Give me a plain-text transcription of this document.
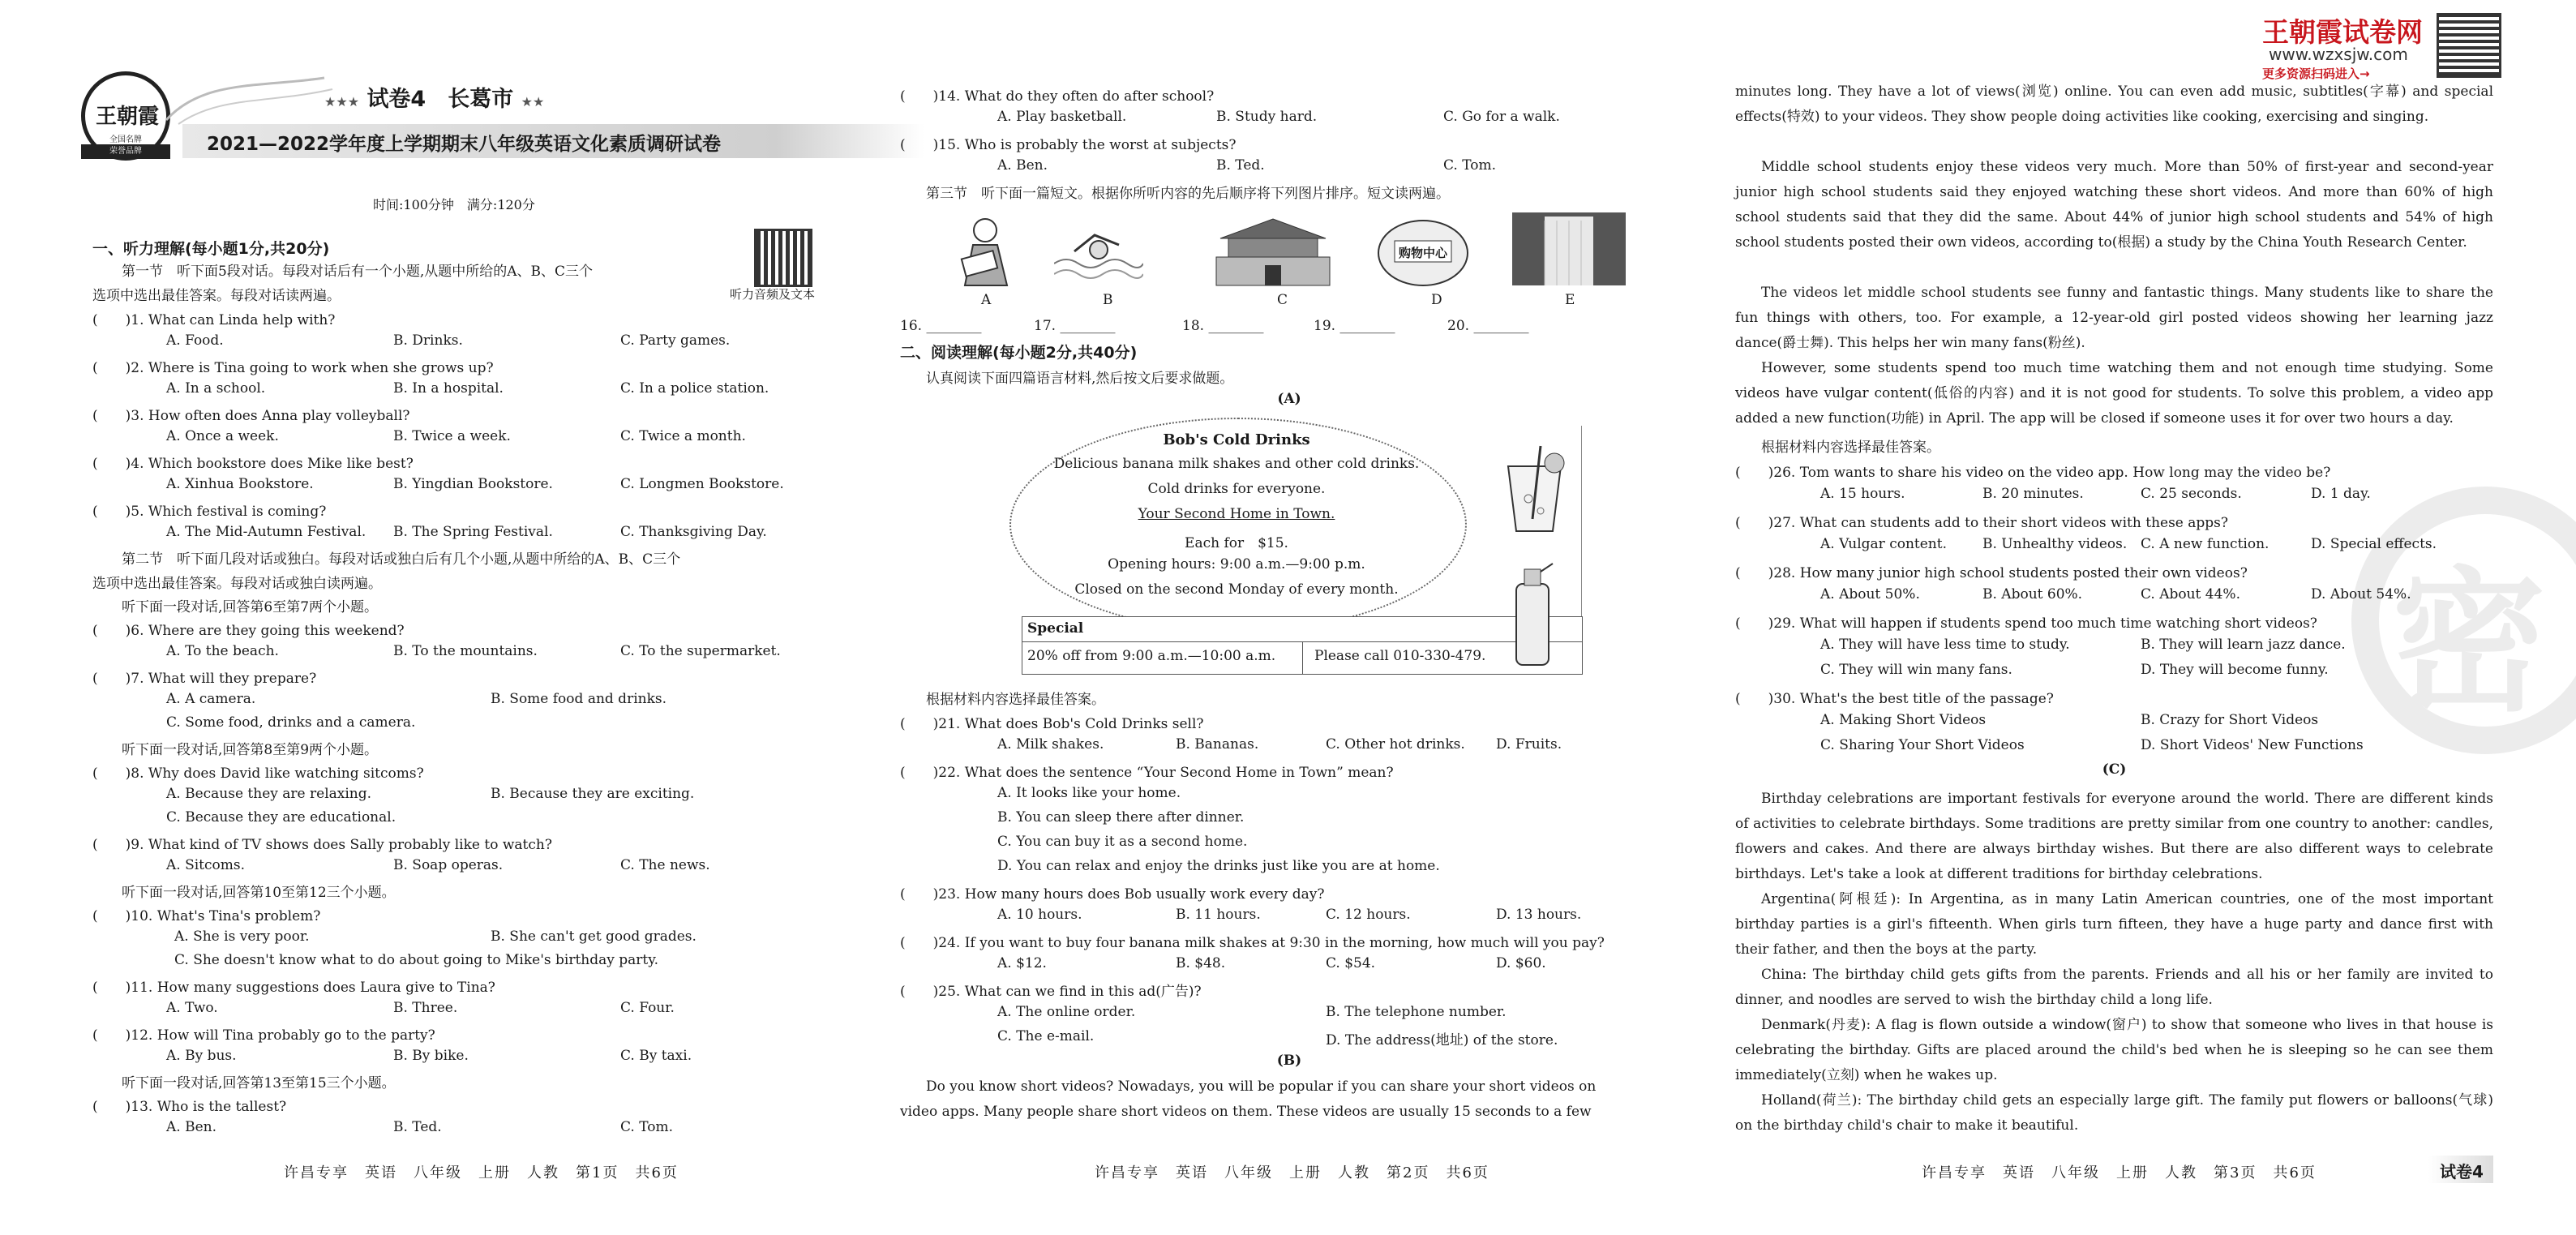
王朝霞
全国名牌
荣誉品牌
★★★ 试卷4　长葛市 ★★
2021—2022学年度上学期期末八年级英语文化素质调研试卷
时间:100分钟　满分:120分
听力音频及文本
一、听力理解(每小题1分,共20分)
第一节　听下面5段对话。每段对话后有一个小题,从题中所给的A、B、C三个
选项中选出最佳答案。每段对话读两遍。
(　　)1. What can Linda help with?
A. Food.	B. Drinks.	C. Party games.
(　　)2. Where is Tina going to work when she grows up?
A. In a school.	B. In a hospital.	C. In a police station.
(　　)3. How often does Anna play volleyball?
A. Once a week.	B. Twice a week.	C. Twice a month.
(　　)4. Which bookstore does Mike like best?
A. Xinhua Bookstore.	B. Yingdian Bookstore.	C. Longmen Bookstore.
(　　)5. Which festival is coming?
A. The Mid-Autumn Festival. B. The Spring Festival.	C. Thanksgiving Day.
第二节　听下面几段对话或独白。每段对话或独白后有几个小题,从题中所给的A、B、C三个
选项中选出最佳答案。每段对话或独白读两遍。
听下面一段对话,回答第6至第7两个小题。
(　　)6. Where are they going this weekend?
A. To the beach.	B. To the mountains.	C. To the supermarket.
(　　)7. What will they prepare?
A. A camera.	B. Some food and drinks.
C. Some food, drinks and a camera.
听下面一段对话,回答第8至第9两个小题。
(　　)8. Why does David like watching sitcoms?
A. Because they are relaxing.	B. Because they are exciting.
C. Because they are educational.
(　　)9. What kind of TV shows does Sally probably like to watch?
A. Sitcoms.	B. Soap operas.	C. The news.
听下面一段对话,回答第10至第12三个小题。
(　　)10. What's Tina's problem?
A. She is very poor.	B. She can't get good grades.
C. She doesn't know what to do about going to Mike's birthday party.
(　　)11. How many suggestions does Laura give to Tina?
A. Two.	B. Three.	C. Four.
(　　)12. How will Tina probably go to the party?
A. By bus.	B. By bike.	C. By taxi.
听下面一段对话,回答第13至第15三个小题。
(　　)13. Who is the tallest?
A. Ben.	B. Ted.	C. Tom.
许昌专享　英语　八年级　上册　人教　第1页　共6页
(　　)14. What do they often do after school?
A. Play basketball.	B. Study hard.	C. Go for a walk.
(　　)15. Who is probably the worst at subjects?
A. Ben.	B. Ted.	C. Tom.
第三节　听下面一篇短文。根据你所听内容的先后顺序将下列图片排序。短文读两遍。
购物中心
A	B	C	D	E
16. ________	17. ________	18. ________	19. ________	20. ________
二、阅读理解(每小题2分,共40分)
认真阅读下面四篇语言材料,然后按文后要求做题。
(A)
Bob's Cold Drinks
Delicious banana milk shakes and other cold drinks.
Cold drinks for everyone.
Your Second Home in Town.
Each for　$15.
Opening hours: 9:00 a.m.—9:00 p.m.
Closed on the second Monday of every month.
Special
20% off from 9:00 a.m.—10:00 a.m.	Please call 010-330-479.
根据材料内容选择最佳答案。
(　　)21. What does Bob's Cold Drinks sell?
A. Milk shakes.	B. Bananas.	C. Other hot drinks. D. Fruits.
(　　)22. What does the sentence “Your Second Home in Town” mean?
A. It looks like your home.
B. You can sleep there after dinner.
C. You can buy it as a second home.
D. You can relax and enjoy the drinks just like you are at home.
(　　)23. How many hours does Bob usually work every day?
A. 10 hours.	B. 11 hours.	C. 12 hours.	D. 13 hours.
(　　)24. If you want to buy four banana milk shakes at 9:30 in the morning, how much will you pay?
A. $12.	B. $48.	C. $54.	D. $60.
(　　)25. What can we find in this ad(广告)?
A. The online order.	B. The telephone number.
C. The e-mail.	D. The address(地址) of the store.
(B)
Do you know short videos? Nowadays, you will be popular if you can share your short videos on
video apps. Many people share short videos on them. These videos are usually 15 seconds to a few
许昌专享　英语　八年级　上册　人教　第2页　共6页
王朝霞试卷网
www.wzxsjw.com
更多资源扫码进入→
密
minutes long. They have a lot of views(浏览) online. You can even add music, subtitles(字幕) and special effects(特效) to your videos. They show people doing activities like cooking, exercising and singing.
Middle school students enjoy these videos very much. More than 50% of first-year and second-year junior high school students said they enjoyed watching these short videos. And more than 60% of high school students said that they did the same. About 44% of junior high school students and 54% of high school students posted their own videos, according to(根据) a study by the China Youth Research Center.
The videos let middle school students see funny and fantastic things. Many students like to share the fun things with others, too. For example, a 12-year-old girl posted videos showing her learning jazz dance(爵士舞). This helps her win many fans(粉丝).
However, some students spend too much time watching them and not enough time studying. Some videos have vulgar content(低俗的内容) and it is not good for students. To solve this problem, a video app added a new function(功能) in April. The app will be closed if someone uses it for over two hours a day.
根据材料内容选择最佳答案。
(　　)26. Tom wants to share his video on the video app. How long may the video be?
A. 15 hours.	B. 20 minutes.	C. 25 seconds.	D. 1 day.
(　　)27. What can students add to their short videos with these apps?
A. Vulgar content.	B. Unhealthy videos. C. A new function.	D. Special effects.
(　　)28. How many junior high school students posted their own videos?
A. About 50%.	B. About 60%.	C. About 44%.	D. About 54%.
(　　)29. What will happen if students spend too much time watching short videos?
A. They will have less time to study.	B. They will learn jazz dance.
C. They will win many fans.	D. They will become funny.
(　　)30. What's the best title of the passage?
A. Making Short Videos	B. Crazy for Short Videos
C. Sharing Your Short Videos	D. Short Videos' New Functions
(C)
Birthday celebrations are important festivals for everyone around the world. There are different kinds of activities to celebrate birthdays. Some traditions are pretty similar from one country to another: candles, flowers and cakes. And there are always birthday wishes. But there are also different ways to celebrate birthdays. Let's take a look at different traditions for birthday celebrations.
Argentina(阿根廷): In Argentina, as in many Latin American countries, one of the most important birthday parties is a girl's fifteenth. When girls turn fifteen, they have a huge party and dance first with their father, and then the boys at the party.
China: The birthday child gets gifts from the parents. Friends and all his or her family are invited to dinner, and noodles are served to wish the birthday child a long life.
Denmark(丹麦): A flag is flown outside a window(窗户) to show that someone who lives in that house is celebrating the birthday. Gifts are placed around the child's bed when he is sleeping so he can see them immediately(立刻) when he wakes up.
Holland(荷兰): The birthday child gets an especially large gift. The family put flowers or balloons(气球) on the birthday child's chair to make it beautiful.
许昌专享　英语　八年级　上册　人教　第3页　共6页	试卷4
